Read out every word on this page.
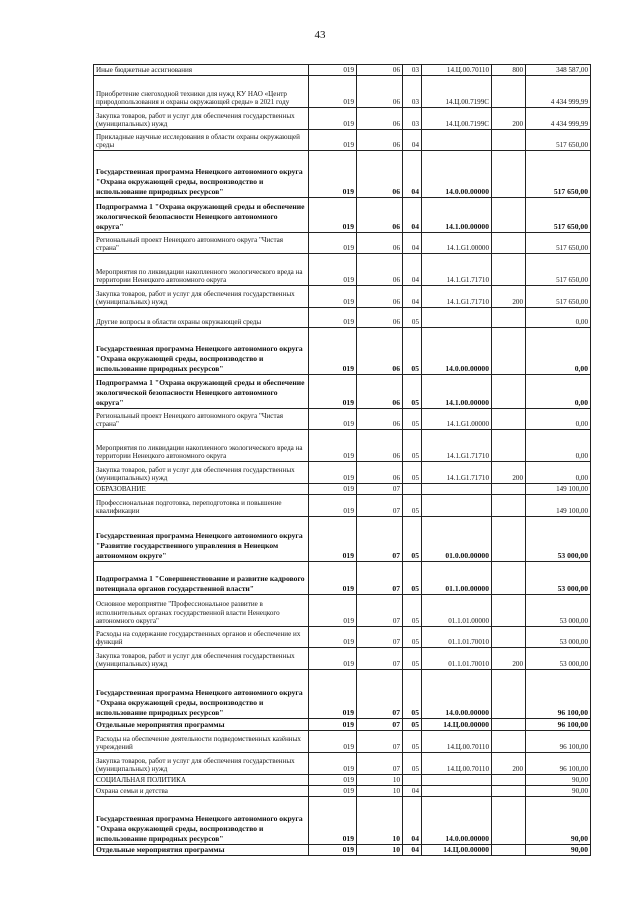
43
Иные бюджетные ассигнования	019	06	03	14.Ц.00.70110	800	348 587,00
Приобретение снегоходной техники для нужд КУ НАО «Центр природопользования и охраны окружающей среды» в 2021 году	019	06	03	14.Ц.00.7199С		4 434 999,99
Закупка товаров, работ и услуг для обеспечения государственных (муниципальных) нужд	019	06	03	14.Ц.00.7199С	200	4 434 999,99
Прикладные научные исследования в области охраны окружающей среды	019	06	04			517 650,00
Государственная программа Ненецкого автономного округа "Охрана окружающей среды, воспроизводство и использование природных ресурсов"	019	06	04	14.0.00.00000		517 650,00
Подпрограмма 1 "Охрана окружающей среды и обеспечение экологической безопасности Ненецкого автономного округа"	019	06	04	14.1.00.00000		517 650,00
Региональный проект Ненецкого автономного округа "Чистая страна"	019	06	04	14.1.G1.00000		517 650,00
Мероприятия по ликвидации накопленного экологического вреда на территории Ненецкого автономного округа	019	06	04	14.1.G1.71710		517 650,00
Закупка товаров, работ и услуг для обеспечения государственных (муниципальных) нужд	019	06	04	14.1.G1.71710	200	517 650,00
Другие вопросы в области охраны окружающей среды	019	06	05			0,00
Государственная программа Ненецкого автономного округа "Охрана окружающей среды, воспроизводство и использование природных ресурсов"	019	06	05	14.0.00.00000		0,00
Подпрограмма 1 "Охрана окружающей среды и обеспечение экологической безопасности Ненецкого автономного округа"	019	06	05	14.1.00.00000		0,00
Региональный проект Ненецкого автономного округа "Чистая страна"	019	06	05	14.1.G1.00000		0,00
Мероприятия по ликвидации накопленного экологического вреда на территории Ненецкого автономного округа	019	06	05	14.1.G1.71710		0,00
Закупка товаров, работ и услуг для обеспечения государственных (муниципальных) нужд	019	06	05	14.1.G1.71710	200	0,00
ОБРАЗОВАНИЕ	019	07				149 100,00
Профессиональная подготовка, переподготовка и повышение квалификации	019	07	05			149 100,00
Государственная программа Ненецкого автономного округа "Развитие государственного управления в Ненецком автономном округе"	019	07	05	01.0.00.00000		53 000,00
Подпрограмма 1 "Совершенствование и развитие кадрового потенциала органов государственной власти"	019	07	05	01.1.00.00000		53 000,00
Основное мероприятие "Профессиональное развитие в исполнительных органах государственной власти Ненецкого автономного округа"	019	07	05	01.1.01.00000		53 000,00
Расходы на содержание государственных органов и обеспечение их функций	019	07	05	01.1.01.70010		53 000,00
Закупка товаров, работ и услуг для обеспечения государственных (муниципальных) нужд	019	07	05	01.1.01.70010	200	53 000,00
Государственная программа Ненецкого автономного округа "Охрана окружающей среды, воспроизводство и использование природных ресурсов"	019	07	05	14.0.00.00000		96 100,00
Отдельные мероприятия программы	019	07	05	14.Ц.00.00000		96 100,00
Расходы на обеспечение деятельности подведомственных казённых учреждений	019	07	05	14.Ц.00.70110		96 100,00
Закупка товаров, работ и услуг для обеспечения государственных (муниципальных) нужд	019	07	05	14.Ц.00.70110	200	96 100,00
СОЦИАЛЬНАЯ ПОЛИТИКА	019	10				90,00
Охрана семьи и детства	019	10	04			90,00
Государственная программа Ненецкого автономного округа "Охрана окружающей среды, воспроизводство и использование природных ресурсов"	019	10	04	14.0.00.00000		90,00
Отдельные мероприятия программы	019	10	04	14.Ц.00.00000		90,00
